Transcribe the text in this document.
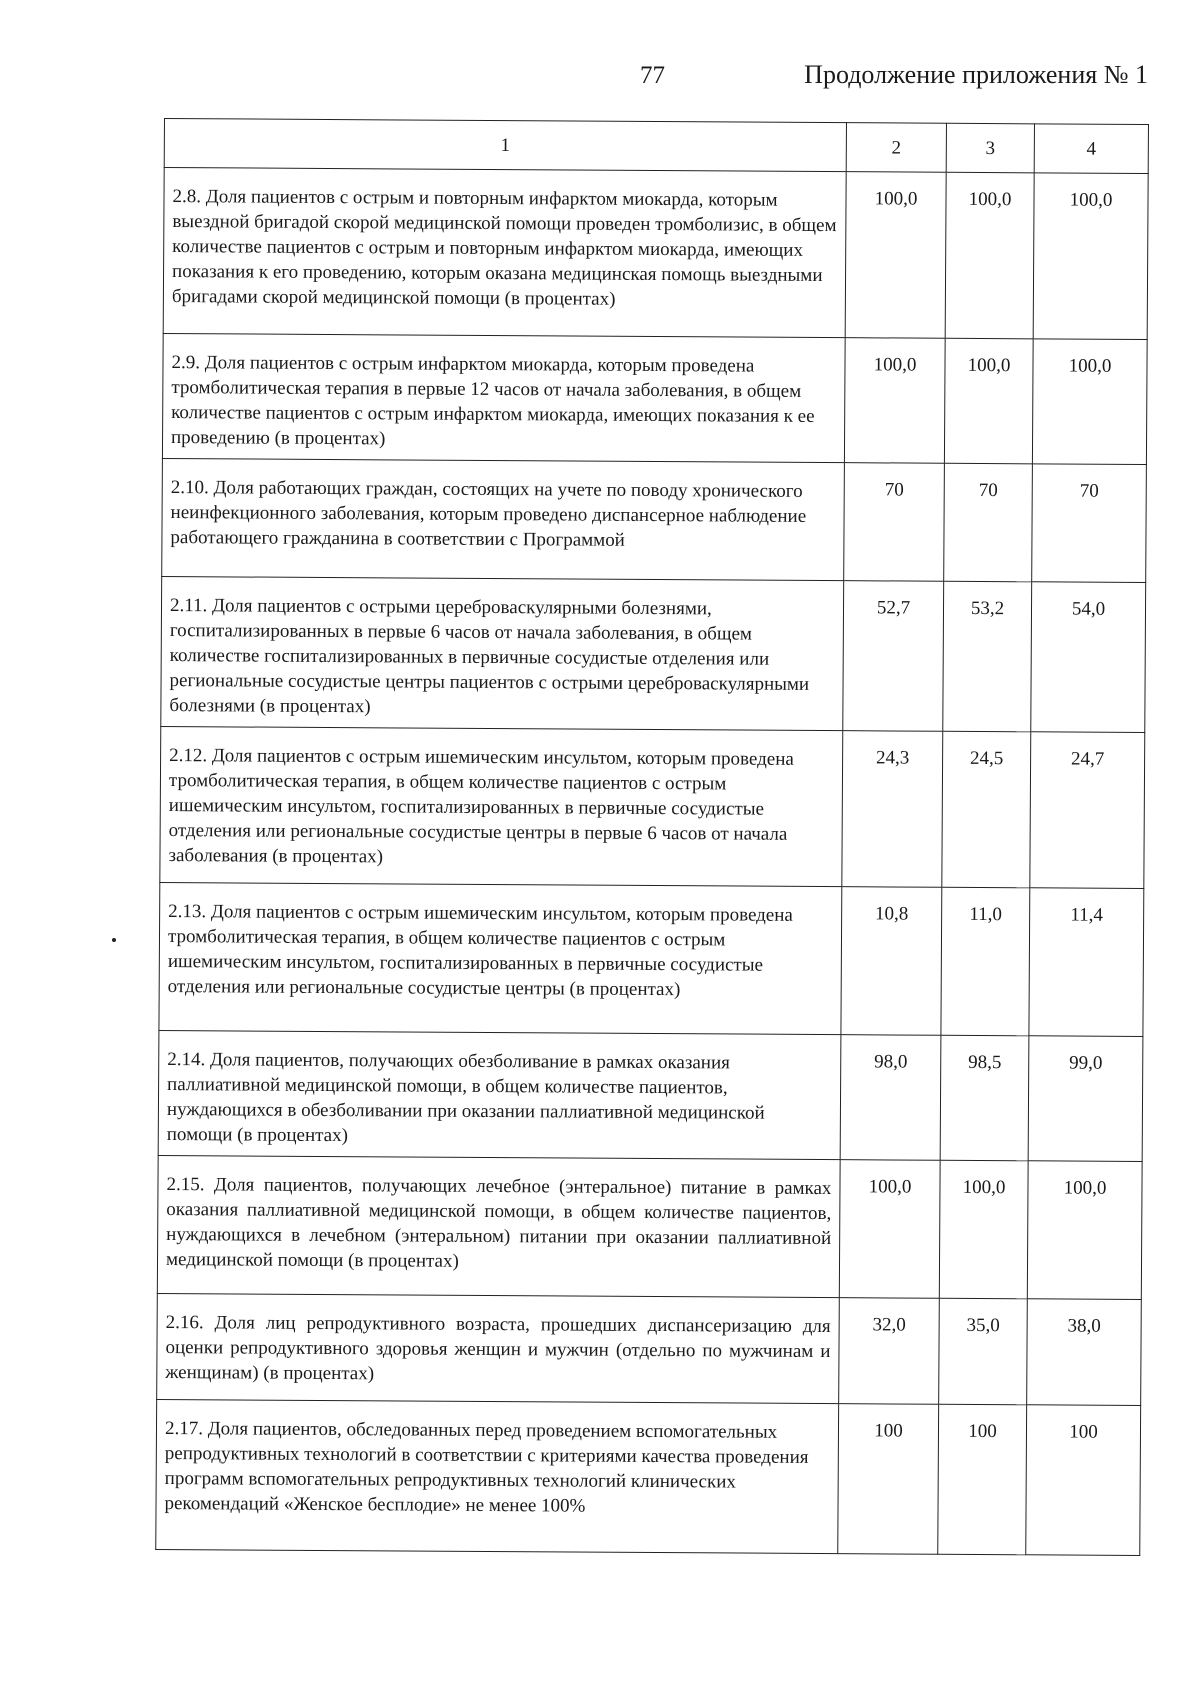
77	Продолжение приложения № 1
1	2	3	4
2.8. Доля пациентов с острым и повторным инфарктом миокарда, которым выездной бригадой скорой медицинской помощи проведен тромболизис, в общем количестве пациентов с острым и повторным инфарктом миокарда, имеющих показания к его проведению, которым оказана медицинская помощь выездными бригадами скорой медицинской помощи (в процентах)	100,0	100,0	100,0
2.9. Доля пациентов с острым инфарктом миокарда, которым проведена тромболитическая терапия в первые 12 часов от начала заболевания, в общем количестве пациентов с острым инфарктом миокарда, имеющих показания к ее проведению (в процентах)	100,0	100,0	100,0
2.10. Доля работающих граждан, состоящих на учете по поводу хронического неинфекционного заболевания, которым проведено диспансерное наблюдение работающего гражданина в соответствии с Программой	70	70	70
2.11. Доля пациентов с острыми цереброваскулярными болезнями, госпитализированных в первые 6 часов от начала заболевания, в общем количестве госпитализированных в первичные сосудистые отделения или региональные сосудистые центры пациентов с острыми цереброваскулярными болезнями (в процентах)	52,7	53,2	54,0
2.12. Доля пациентов с острым ишемическим инсультом, которым проведена тромболитическая терапия, в общем количестве пациентов с острым ишемическим инсультом, госпитализированных в первичные сосудистые отделения или региональные сосудистые центры в первые 6 часов от начала заболевания (в процентах)	24,3	24,5	24,7
2.13. Доля пациентов с острым ишемическим инсультом, которым проведена тромболитическая терапия, в общем количестве пациентов с острым ишемическим инсультом, госпитализированных в первичные сосудистые отделения или региональные сосудистые центры (в процентах)	10,8	11,0	11,4
2.14. Доля пациентов, получающих обезболивание в рамках оказания паллиативной медицинской помощи, в общем количестве пациентов, нуждающихся в обезболивании при оказании паллиативной медицинской помощи (в процентах)	98,0	98,5	99,0
2.15. Доля пациентов, получающих лечебное (энтеральное) питание в рамках оказания паллиативной медицинской помощи, в общем количестве пациентов, нуждающихся в лечебном (энтеральном) питании при оказании паллиативной медицинской помощи (в процентах)	100,0	100,0	100,0
2.16. Доля лиц репродуктивного возраста, прошедших диспансеризацию для оценки репродуктивного здоровья женщин и мужчин (отдельно по мужчинам и женщинам) (в процентах)	32,0	35,0	38,0
2.17. Доля пациентов, обследованных перед проведением вспомогательных репродуктивных технологий в соответствии с критериями качества проведения программ вспомогательных репродуктивных технологий клинических рекомендаций «Женское бесплодие» не менее 100%	100	100	100
